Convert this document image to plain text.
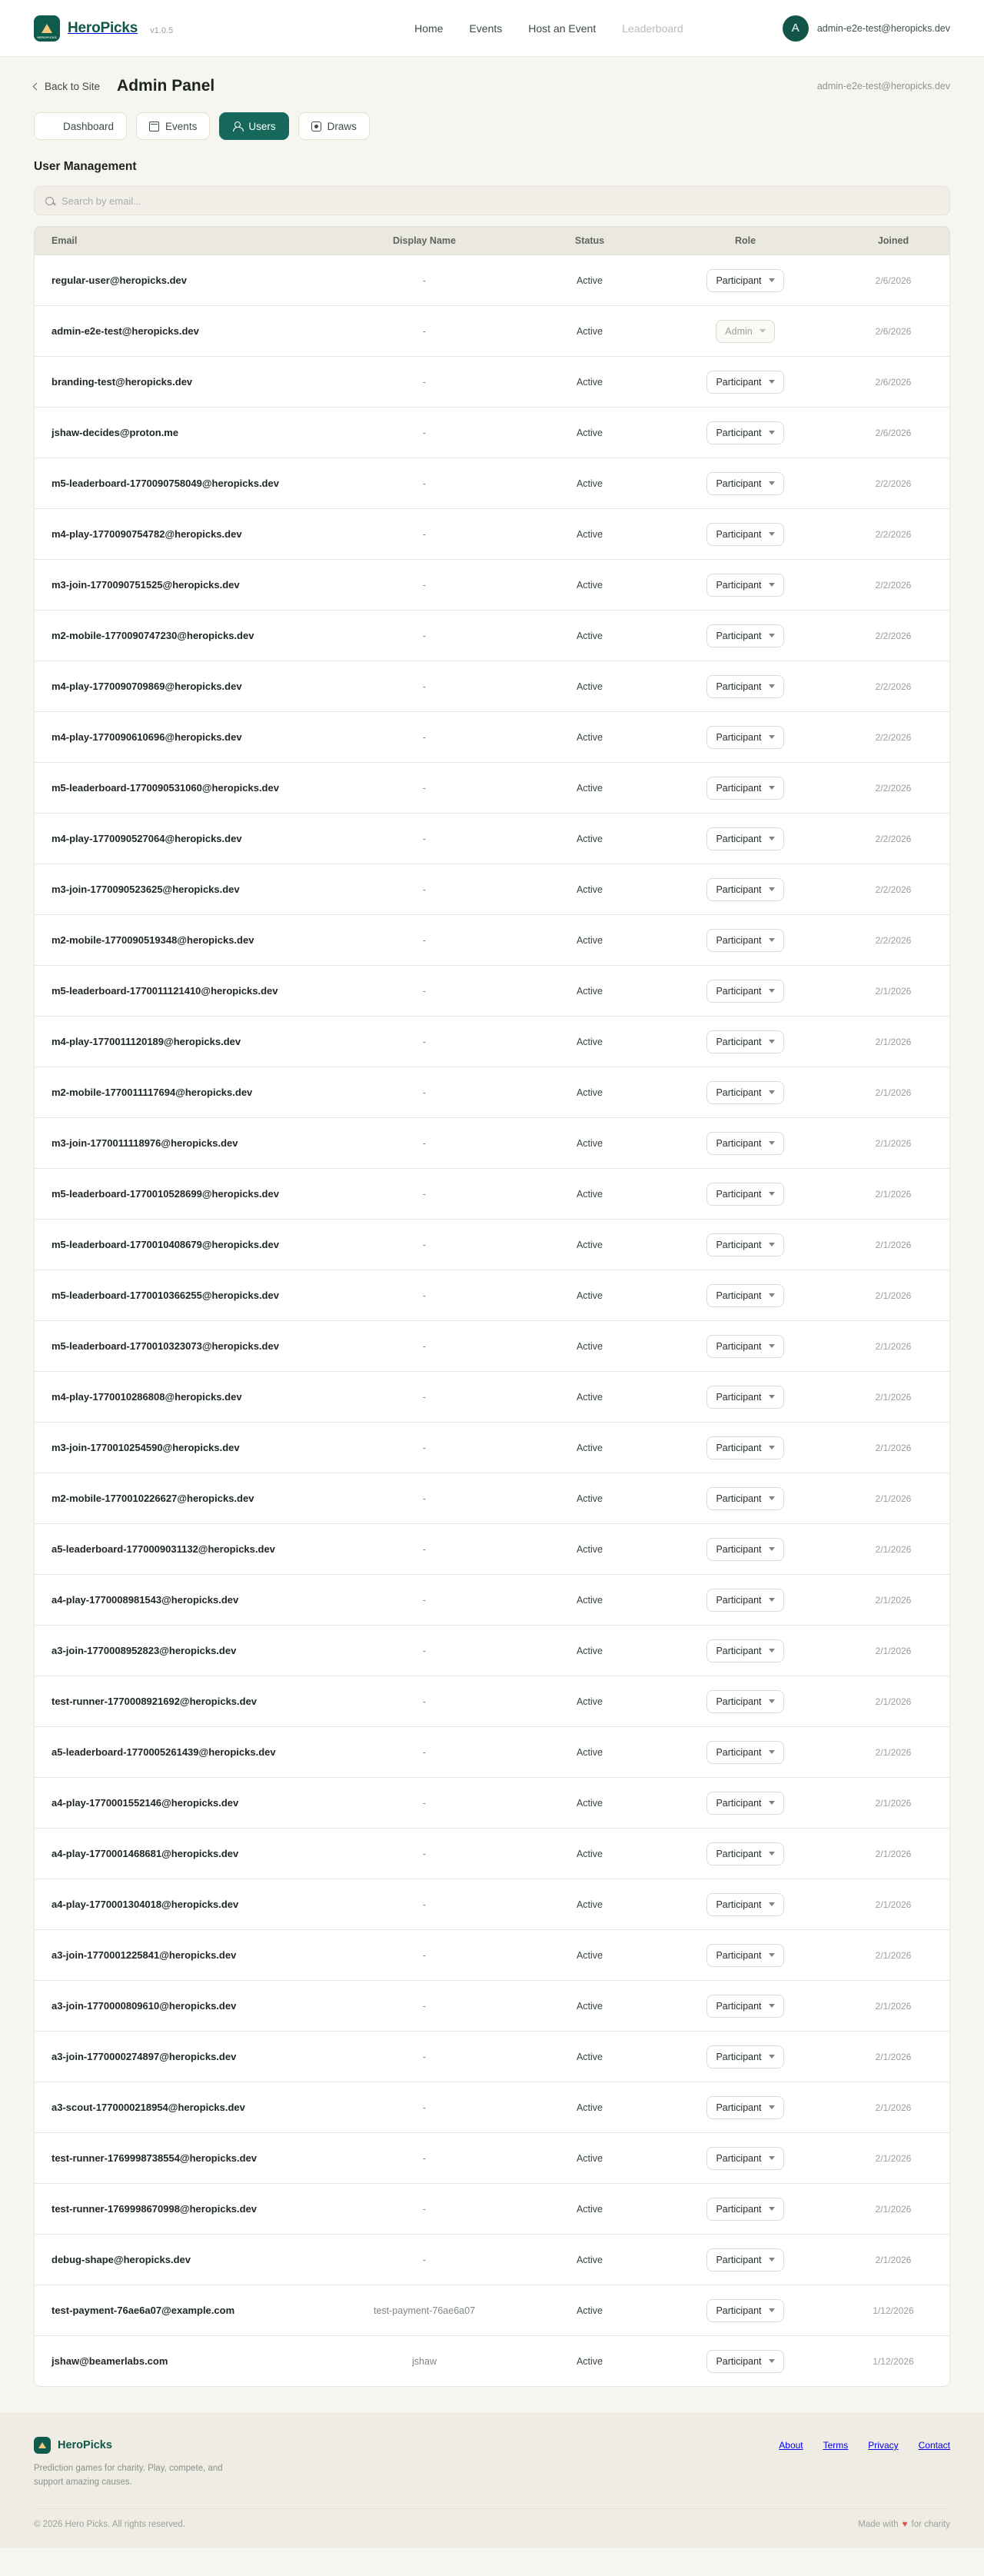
HEROPICKS
HeroPicks v1.0.5	Home Events Host an Event Leaderboard	A	admin-e2e-test@heropicks.dev
Back to Site Admin Panel	admin-e2e-test@heropicks.dev
Dashboard	Events	Users	Draws
User Management
Search by email...
Email	Display Name	Status	Role	Joined
regular-user@heropicks.dev	-	Active	Participant	2/6/2026
admin-e2e-test@heropicks.dev	-	Active	Admin	2/6/2026
branding-test@heropicks.dev	-	Active	Participant	2/6/2026
jshaw-decides@proton.me	-	Active	Participant	2/6/2026
m5-leaderboard-1770090758049@heropicks.dev	-	Active	Participant	2/2/2026
m4-play-1770090754782@heropicks.dev	-	Active	Participant	2/2/2026
m3-join-1770090751525@heropicks.dev	-	Active	Participant	2/2/2026
m2-mobile-1770090747230@heropicks.dev	-	Active	Participant	2/2/2026
m4-play-1770090709869@heropicks.dev	-	Active	Participant	2/2/2026
m4-play-1770090610696@heropicks.dev	-	Active	Participant	2/2/2026
m5-leaderboard-1770090531060@heropicks.dev	-	Active	Participant	2/2/2026
m4-play-1770090527064@heropicks.dev	-	Active	Participant	2/2/2026
m3-join-1770090523625@heropicks.dev	-	Active	Participant	2/2/2026
m2-mobile-1770090519348@heropicks.dev	-	Active	Participant	2/2/2026
m5-leaderboard-1770011121410@heropicks.dev	-	Active	Participant	2/1/2026
m4-play-1770011120189@heropicks.dev	-	Active	Participant	2/1/2026
m2-mobile-1770011117694@heropicks.dev	-	Active	Participant	2/1/2026
m3-join-1770011118976@heropicks.dev	-	Active	Participant	2/1/2026
m5-leaderboard-1770010528699@heropicks.dev	-	Active	Participant	2/1/2026
m5-leaderboard-1770010408679@heropicks.dev	-	Active	Participant	2/1/2026
m5-leaderboard-1770010366255@heropicks.dev	-	Active	Participant	2/1/2026
m5-leaderboard-1770010323073@heropicks.dev	-	Active	Participant	2/1/2026
m4-play-1770010286808@heropicks.dev	-	Active	Participant	2/1/2026
m3-join-1770010254590@heropicks.dev	-	Active	Participant	2/1/2026
m2-mobile-1770010226627@heropicks.dev	-	Active	Participant	2/1/2026
a5-leaderboard-1770009031132@heropicks.dev	-	Active	Participant	2/1/2026
a4-play-1770008981543@heropicks.dev	-	Active	Participant	2/1/2026
a3-join-1770008952823@heropicks.dev	-	Active	Participant	2/1/2026
test-runner-1770008921692@heropicks.dev	-	Active	Participant	2/1/2026
a5-leaderboard-1770005261439@heropicks.dev	-	Active	Participant	2/1/2026
a4-play-1770001552146@heropicks.dev	-	Active	Participant	2/1/2026
a4-play-1770001468681@heropicks.dev	-	Active	Participant	2/1/2026
a4-play-1770001304018@heropicks.dev	-	Active	Participant	2/1/2026
a3-join-1770001225841@heropicks.dev	-	Active	Participant	2/1/2026
a3-join-1770000809610@heropicks.dev	-	Active	Participant	2/1/2026
a3-join-1770000274897@heropicks.dev	-	Active	Participant	2/1/2026
a3-scout-1770000218954@heropicks.dev	-	Active	Participant	2/1/2026
test-runner-1769998738554@heropicks.dev	-	Active	Participant	2/1/2026
test-runner-1769998670998@heropicks.dev	-	Active	Participant	2/1/2026
debug-shape@heropicks.dev	-	Active	Participant	2/1/2026
test-payment-76ae6a07@example.com	test-payment-76ae6a07	Active	Participant	1/12/2026
jshaw@beamerlabs.com	jshaw	Active	Participant	1/12/2026
HeroPicks
Prediction games for charity. Play, compete, and support amazing causes.
About Terms Privacy Contact
© 2026 Hero Picks. All rights reserved.	Made with ♥ for charity
